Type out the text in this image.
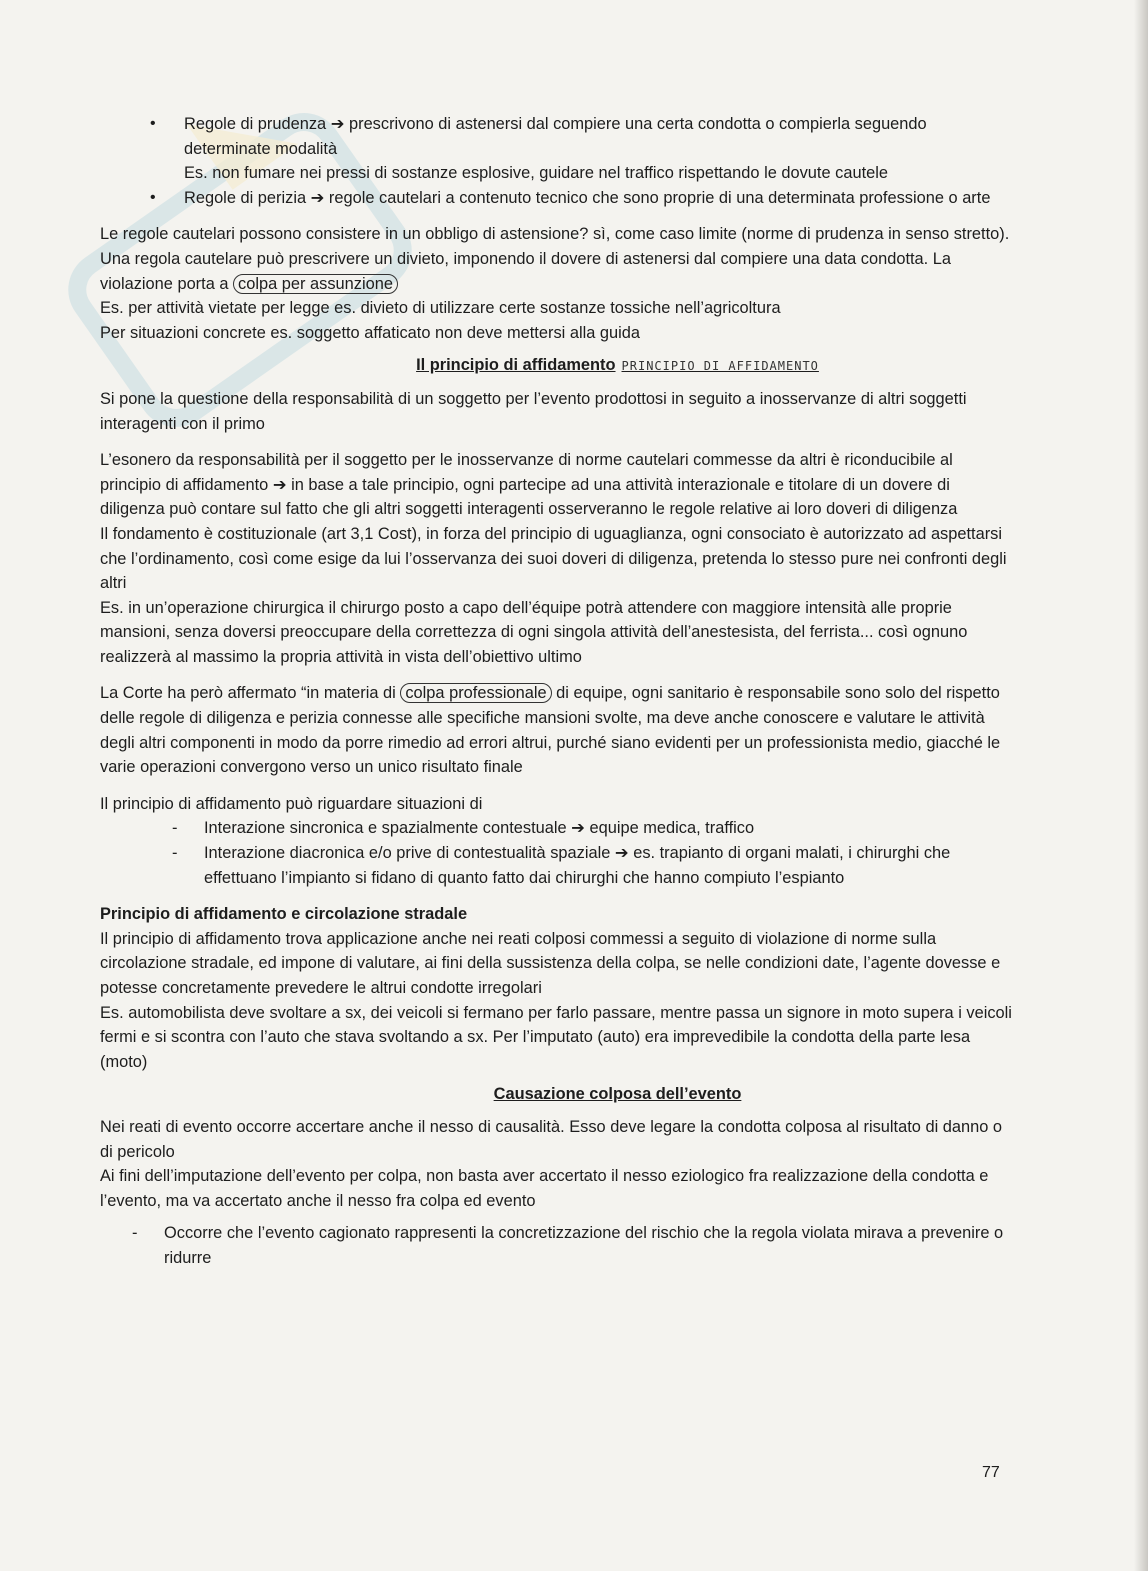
• Regole di prudenza ➔ prescrivono di astenersi dal compiere una certa condotta o compierla seguendo determinate modalità

Es. non fumare nei pressi di sostanze esplosive, guidare nel traffico rispettando le dovute cautele

• Regole di perizia ➔ regole cautelari a contenuto tecnico che sono proprie di una determinata professione o arte

Le regole cautelari possono consistere in un obbligo di astensione? sì, come caso limite (norme di prudenza in senso stretto). Una regola cautelare può prescrivere un divieto, imponendo il dovere di astenersi dal compiere una data condotta. La violazione porta a colpa per assunzione

Es. per attività vietate per legge es. divieto di utilizzare certe sostanze tossiche nell’agricoltura

Per situazioni concrete es. soggetto affaticato non deve mettersi alla guida

Il principio di affidamento PRINCIPIO DI AFFIDAMENTO

Si pone la questione della responsabilità di un soggetto per l’evento prodottosi in seguito a inosservanze di altri soggetti interagenti con il primo

L’esonero da responsabilità per il soggetto per le inosservanze di norme cautelari commesse da altri è riconducibile al principio di affidamento ➔ in base a tale principio, ogni partecipe ad una attività interazionale e titolare di un dovere di diligenza può contare sul fatto che gli altri soggetti interagenti osserveranno le regole relative ai loro doveri di diligenza

Il fondamento è costituzionale (art 3,1 Cost), in forza del principio di uguaglianza, ogni consociato è autorizzato ad aspettarsi che l’ordinamento, così come esige da lui l’osservanza dei suoi doveri di diligenza, pretenda lo stesso pure nei confronti degli altri

Es. in un’operazione chirurgica il chirurgo posto a capo dell’équipe potrà attendere con maggiore intensità alle proprie mansioni, senza doversi preoccupare della correttezza di ogni singola attività dell’anestesista, del ferrista... così ognuno realizzerà al massimo la propria attività in vista dell’obiettivo ultimo

La Corte ha però affermato “in materia di colpa professionale di equipe, ogni sanitario è responsabile sono solo del rispetto delle regole di diligenza e perizia connesse alle specifiche mansioni svolte, ma deve anche conoscere e valutare le attività degli altri componenti in modo da porre rimedio ad errori altrui, purché siano evidenti per un professionista medio, giacché le varie operazioni convergono verso un unico risultato finale

Il principio di affidamento può riguardare situazioni di

- Interazione sincronica e spazialmente contestuale ➔ equipe medica, traffico
- Interazione diacronica e/o prive di contestualità spaziale ➔ es. trapianto di organi malati, i chirurghi che effettuano l’impianto si fidano di quanto fatto dai chirurghi che hanno compiuto l’espianto

Principio di affidamento e circolazione stradale

Il principio di affidamento trova applicazione anche nei reati colposi commessi a seguito di violazione di norme sulla circolazione stradale, ed impone di valutare, ai fini della sussistenza della colpa, se nelle condizioni date, l’agente dovesse e potesse concretamente prevedere le altrui condotte irregolari

Es. automobilista deve svoltare a sx, dei veicoli si fermano per farlo passare, mentre passa un signore in moto supera i veicoli fermi e si scontra con l’auto che stava svoltando a sx. Per l’imputato (auto) era imprevedibile la condotta della parte lesa (moto)

Causazione colposa dell’evento

Nei reati di evento occorre accertare anche il nesso di causalità. Esso deve legare la condotta colposa al risultato di danno o di pericolo

Ai fini dell’imputazione dell’evento per colpa, non basta aver accertato il nesso eziologico fra realizzazione della condotta e l’evento, ma va accertato anche il nesso fra colpa ed evento

- Occorre che l’evento cagionato rappresenti la concretizzazione del rischio che la regola violata mirava a prevenire o ridurre
77
